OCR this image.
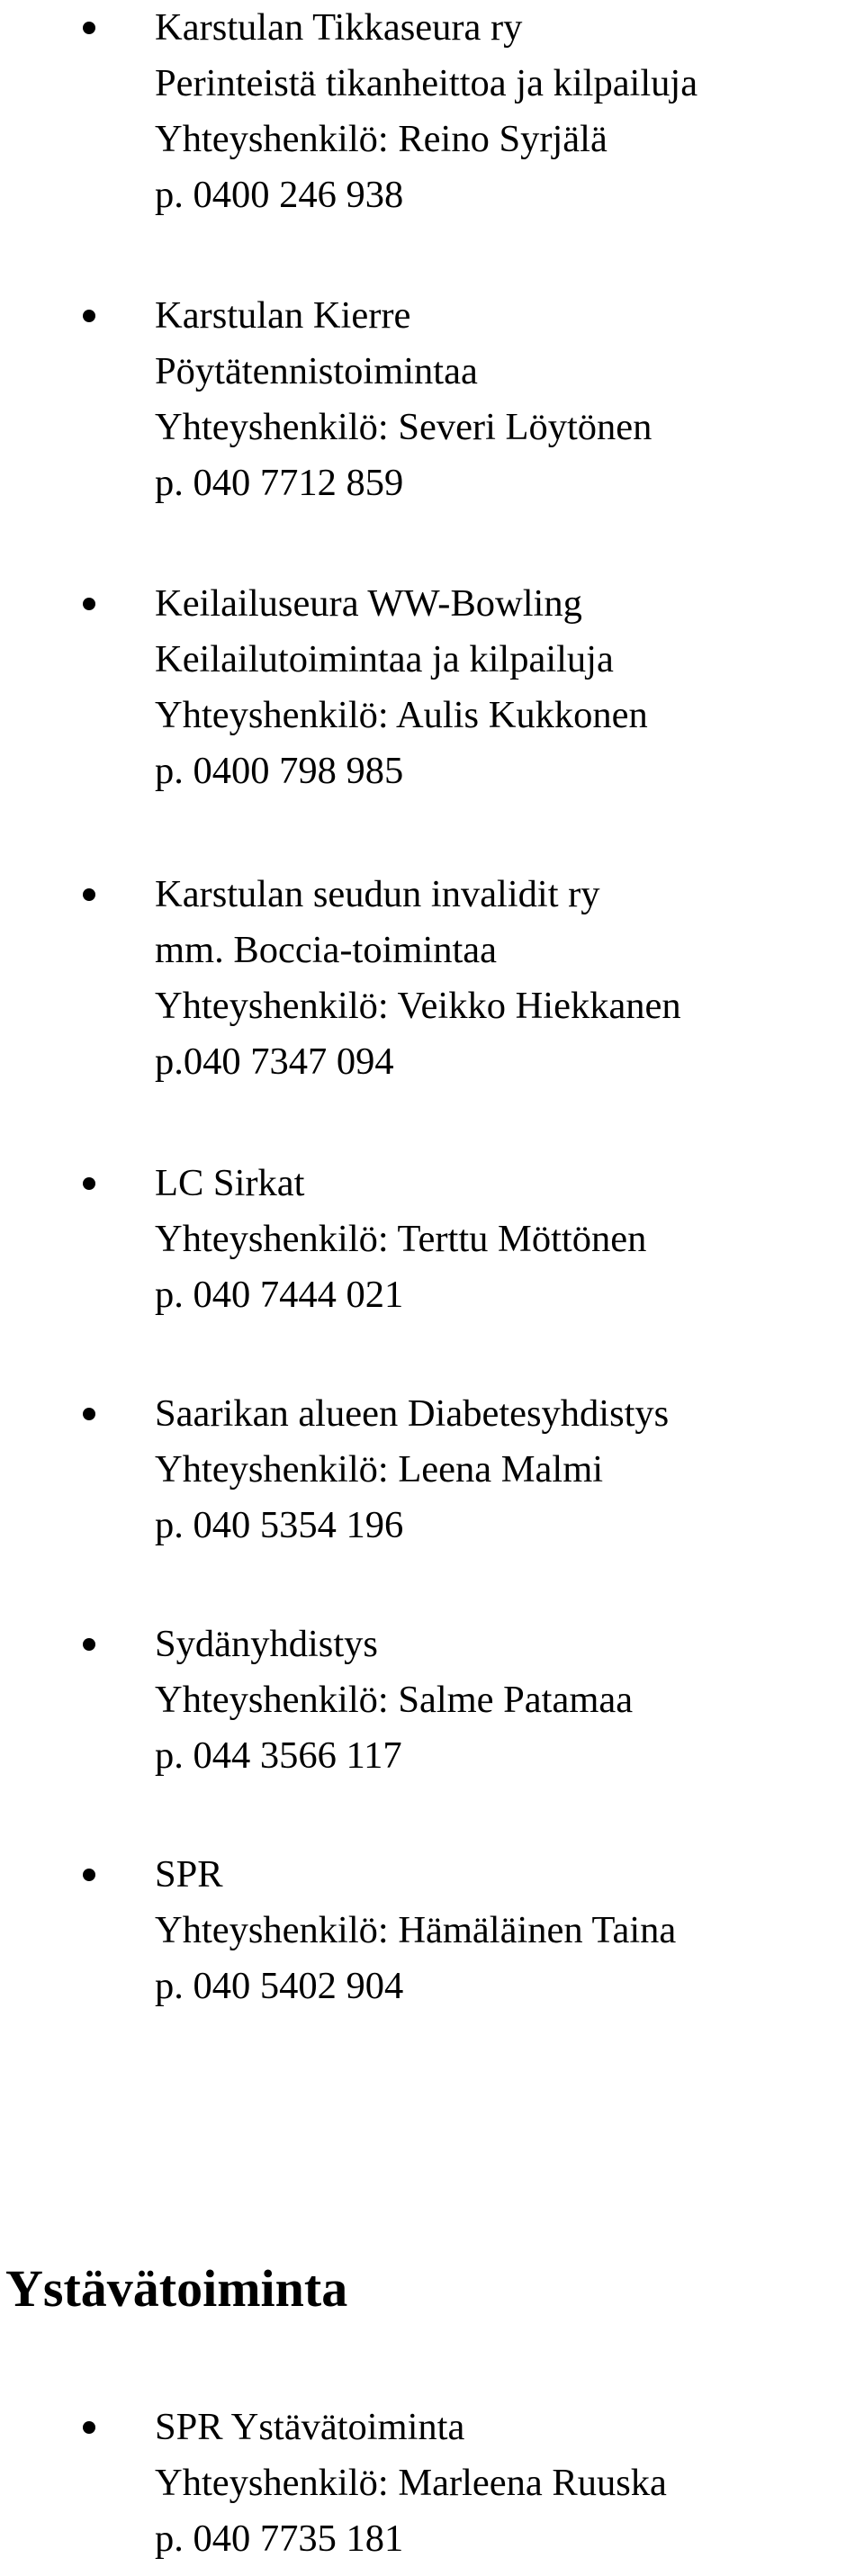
Karstulan Tikkaseura ry
Perinteistä tikanheittoa ja kilpailuja
Yhteyshenkilö: Reino Syrjälä
p. 0400 246 938
Karstulan Kierre
Pöytätennistoimintaa
Yhteyshenkilö: Severi Löytönen
p. 040 7712 859
Keilailuseura WW-Bowling
Keilailutoimintaa ja kilpailuja
Yhteyshenkilö: Aulis Kukkonen
p. 0400 798 985
Karstulan seudun invalidit ry
mm. Boccia-toimintaa
Yhteyshenkilö: Veikko Hiekkanen
p.040 7347 094
LC Sirkat
Yhteyshenkilö: Terttu Möttönen
p. 040 7444 021
Saarikan alueen Diabetesyhdistys
Yhteyshenkilö: Leena Malmi
p. 040 5354 196
Sydänyhdistys
Yhteyshenkilö: Salme Patamaa
p. 044 3566 117
SPR
Yhteyshenkilö: Hämäläinen Taina
p. 040 5402 904
Ystävätoiminta
SPR Ystävätoiminta
Yhteyshenkilö: Marleena Ruuska
p. 040 7735 181
